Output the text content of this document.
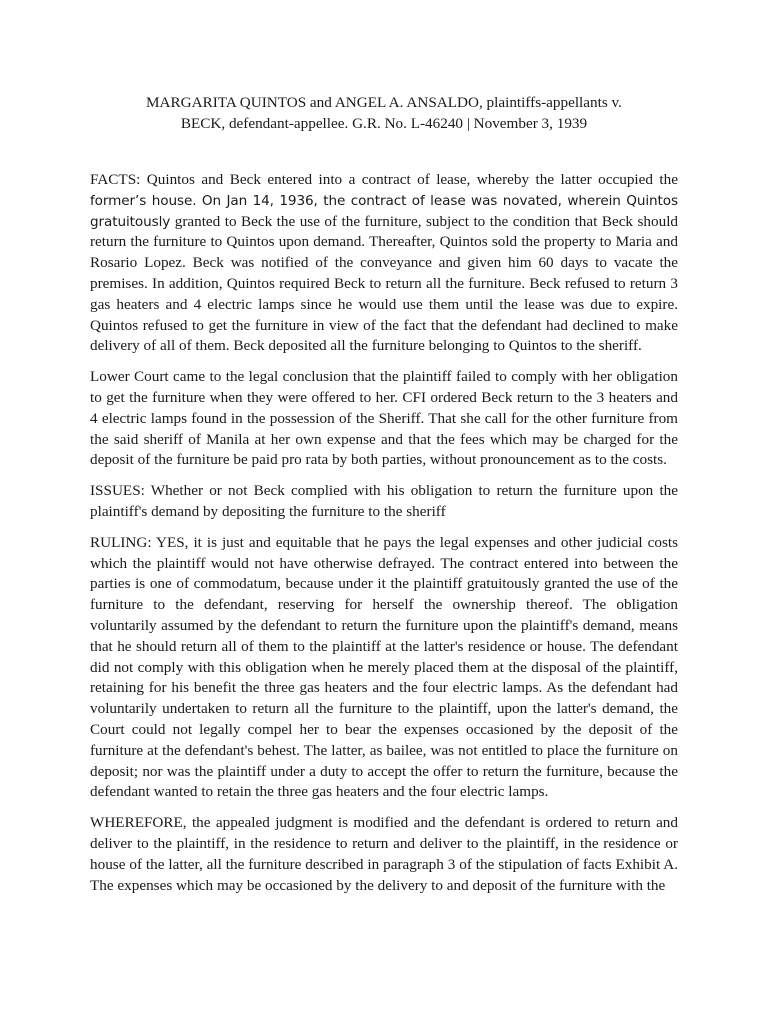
MARGARITA QUINTOS and ANGEL A. ANSALDO, plaintiffs-appellants v.
BECK, defendant-appellee. G.R. No. L-46240 | November 3, 1939

FACTS: Quintos and Beck entered into a contract of lease, whereby the latter occupied the former’s house. On Jan 14, 1936, the contract of lease was novated, wherein Quintos gratuitously granted to Beck the use of the furniture, subject to the condition that Beck should return the furniture to Quintos upon demand. Thereafter, Quintos sold the property to Maria and Rosario Lopez. Beck was notified of the conveyance and given him 60 days to vacate the premises. In addition, Quintos required Beck to return all the furniture. Beck refused to return 3 gas heaters and 4 electric lamps since he would use them until the lease was due to expire. Quintos refused to get the furniture in view of the fact that the defendant had declined to make delivery of all of them. Beck deposited all the furniture belonging to Quintos to the sheriff.

Lower Court came to the legal conclusion that the plaintiff failed to comply with her obligation to get the furniture when they were offered to her. CFI ordered Beck return to the 3 heaters and 4 electric lamps found in the possession of the Sheriff. That she call for the other furniture from the said sheriff of Manila at her own expense and that the fees which may be charged for the deposit of the furniture be paid pro rata by both parties, without pronouncement as to the costs.

ISSUES: Whether or not Beck complied with his obligation to return the furniture upon the plaintiff's demand by depositing the furniture to the sheriff

RULING: YES, it is just and equitable that he pays the legal expenses and other judicial costs which the plaintiff would not have otherwise defrayed. The contract entered into between the parties is one of commodatum, because under it the plaintiff gratuitously granted the use of the furniture to the defendant, reserving for herself the ownership thereof. The obligation voluntarily assumed by the defendant to return the furniture upon the plaintiff's demand, means that he should return all of them to the plaintiff at the latter's residence or house. The defendant did not comply with this obligation when he merely placed them at the disposal of the plaintiff, retaining for his benefit the three gas heaters and the four electric lamps. As the defendant had voluntarily undertaken to return all the furniture to the plaintiff, upon the latter's demand, the Court could not legally compel her to bear the expenses occasioned by the deposit of the furniture at the defendant's behest. The latter, as bailee, was not entitled to place the furniture on deposit; nor was the plaintiff under a duty to accept the offer to return the furniture, because the defendant wanted to retain the three gas heaters and the four electric lamps.

WHEREFORE, the appealed judgment is modified and the defendant is ordered to return and deliver to the plaintiff, in the residence to return and deliver to the plaintiff, in the residence or house of the latter, all the furniture described in paragraph 3 of the stipulation of facts Exhibit A. The expenses which may be occasioned by the delivery to and deposit of the furniture with the
